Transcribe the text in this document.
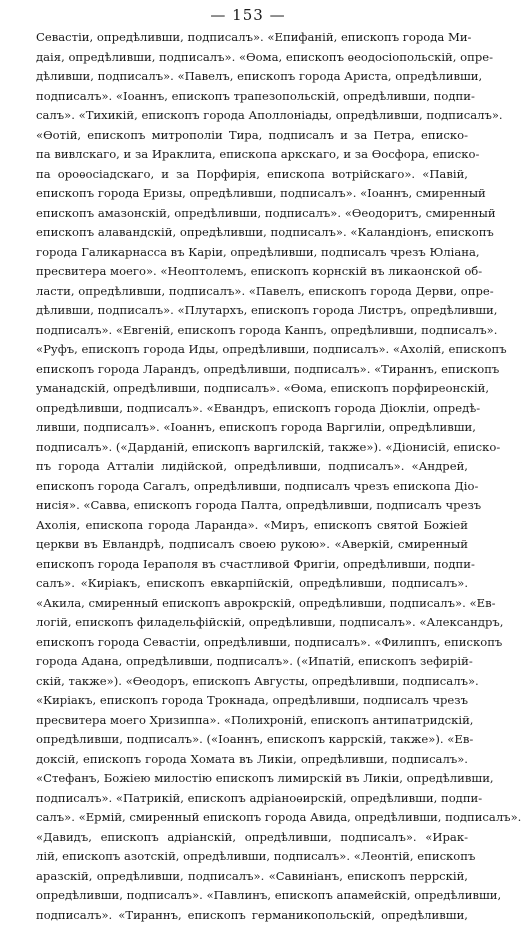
— 153 —
Севастіи, опредѣливши, подписалъ». «Епифаній, епископъ города Ми-
даія, опредѣливши, подписалъ». «Ѳома, епископъ ѳеодосіопольскій, опре-
дѣливши, подписалъ». «Павелъ, епископъ города Ариста, опредѣливши,
подписалъ». «Іоаннъ, епископъ трапезопольскій, опредѣливши, подпи-
салъ». «Тихикій, епископъ города Аполлоніады, опредѣливши, подписалъ».
«Ѳотій, епископъ митрополіи Тира, подписалъ и за Петра, еписко-
па вивлскаго, и за Ираклита, епископа аркскаго, и за Ѳосфора, еписко-
па ороѳосіадскаго, и за Порфирія, епископа вотрійскаго». «Павій,
епископъ города Еризы, опредѣливши, подписалъ». «Іоаннъ, смиренный
епископъ амазонскій, опредѣливши, подписалъ». «Ѳеодоритъ, смиренный
епископъ алавандскій, опредѣливши, подписалъ». «Каландіонъ, епископъ
города Галикарнасса въ Каріи, опредѣливши, подписалъ чрезъ Юліана,
пресвитера моего». «Неоптолемъ, епископъ корнскій въ ликаонской об-
ласти, опредѣливши, подписалъ». «Павелъ, епископъ города Дерви, опре-
дѣливши, подписалъ». «Плутархъ, епископъ города Листръ, опредѣливши,
подписалъ». «Евгеній, епископъ города Канпъ, опредѣливши, подписалъ».
«Руфъ, епископъ города Иды, опредѣливши, подписалъ». «Ахолій, епископъ
епископъ города Ларандъ, опредѣливши, подписалъ». «Тираннъ, епископъ
уманадскій, опредѣливши, подписалъ». «Ѳома, епископъ порфиреонскій,
опредѣливши, подписалъ». «Евандръ, епископъ города Діокліи, опредѣ-
ливши, подписалъ». «Іоаннъ, епископъ города Варгиліи, опредѣливши,
подписалъ». («Дарданій, епископъ варгилскій, также»). «Діонисій, еписко-
пъ города Атталіи лидійской, опредѣливши, подписалъ». «Андрей,
епископъ города Сагалъ, опредѣливши, подписалъ чрезъ епископа Діо-
нисія». «Савва, епископъ города Палта, опредѣливши, подписалъ чрезъ
Ахолія, епископа города Ларанда». «Миръ, епископъ святой Божіей
церкви въ Евландрѣ, подписалъ своею рукою». «Аверкій, смиренный
епископъ города Іераполя въ счастливой Фригіи, опредѣливши, подпи-
салъ». «Киріакъ, епископъ евкарпійскій, опредѣливши, подписалъ».
«Акила, смиренный епископъ аврокрскій, опредѣливши, подписалъ». «Ев-
логій, епископъ филадельфійскій, опредѣливши, подписалъ». «Александръ,
епископъ города Севастіи, опредѣливши, подписалъ». «Филиппъ, епископъ
города Адана, опредѣливши, подписалъ». («Ипатій, епископъ зефирій-
скій, также»). «Ѳеодоръ, епископъ Августы, опредѣливши, подписалъ».
«Киріакъ, епископъ города Трокнада, опредѣливши, подписалъ чрезъ
пресвитера моего Хризиппа». «Полихроній, епископъ антипатридскій,
опредѣливши, подписалъ». («Іоаннъ, епископъ каррскій, также»). «Ев-
доксій, епископъ города Хомата въ Ликіи, опредѣливши, подписалъ».
«Стефанъ, Божіею милостію епископъ лимирскій въ Ликіи, опредѣливши,
подписалъ». «Патрикій, епископъ адріаноѳирскій, опредѣливши, подпи-
салъ». «Ермій, смиренный епископъ города Авида, опредѣливши, подписалъ».
«Давидъ, епископъ адріанскій, опредѣливши, подписалъ». «Ирак-
лій, епископъ азотскій, опредѣливши, подписалъ». «Леонтій, епископъ
аразскій, опредѣливши, подписалъ». «Савиніанъ, епископъ перрскій,
опредѣливши, подписалъ». «Павлинъ, епископъ апамейскій, опредѣливши,
подписалъ». «Тираннъ, епископъ германикопольскій, опредѣливши,
